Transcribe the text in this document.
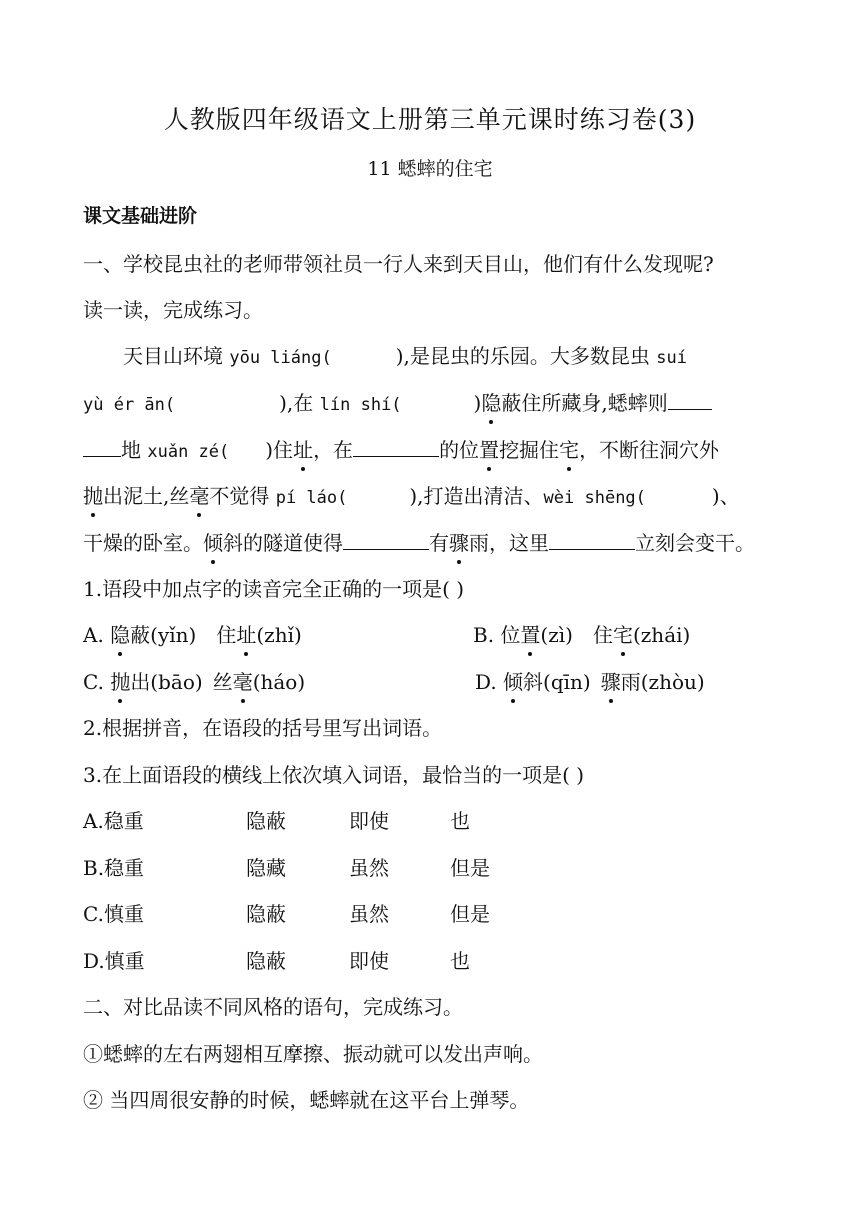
人教版四年级语文上册第三单元课时练习卷(3)
11 蟋蟀的住宅
课文基础进阶
一、学校昆虫社的老师带领社员一行人来到天目山，他们有什么发现呢?
读一读，完成练习。
天目山环境 yōu liáng(	),是昆虫的乐园。大多数昆虫 suí
yù ér ān(	),在 lín shí(	)隐蔽住所藏身,蟋蟀则
地 xuǎn zé( )住址，在	的位置挖掘住宅，不断往洞穴外
抛出泥土,丝毫不觉得 pí láo(	),打造出清洁、wèi shēng(	)、
干燥的卧室。倾斜的隧道使得	有骤雨，这里	立刻会变干。
1.语段中加点字的读音完全正确的一项是( )
A. 隐蔽(yǐn) 住址(zhǐ)	B. 位置(zì) 住宅(zhái)
C. 抛出(bāo) 丝毫(háo)	D. 倾斜(qīn) 骤雨(zhòu)
2.根据拼音，在语段的括号里写出词语。
3.在上面语段的横线上依次填入词语，最恰当的一项是( )
A.稳重	隐蔽	即使	也
B.稳重	隐藏	虽然	但是
C.慎重	隐蔽	虽然	但是
D.慎重	隐蔽	即使	也
二、对比品读不同风格的语句，完成练习。
①蟋蟀的左右两翅相互摩擦、振动就可以发出声响。
② 当四周很安静的时候，蟋蟀就在这平台上弹琴。
